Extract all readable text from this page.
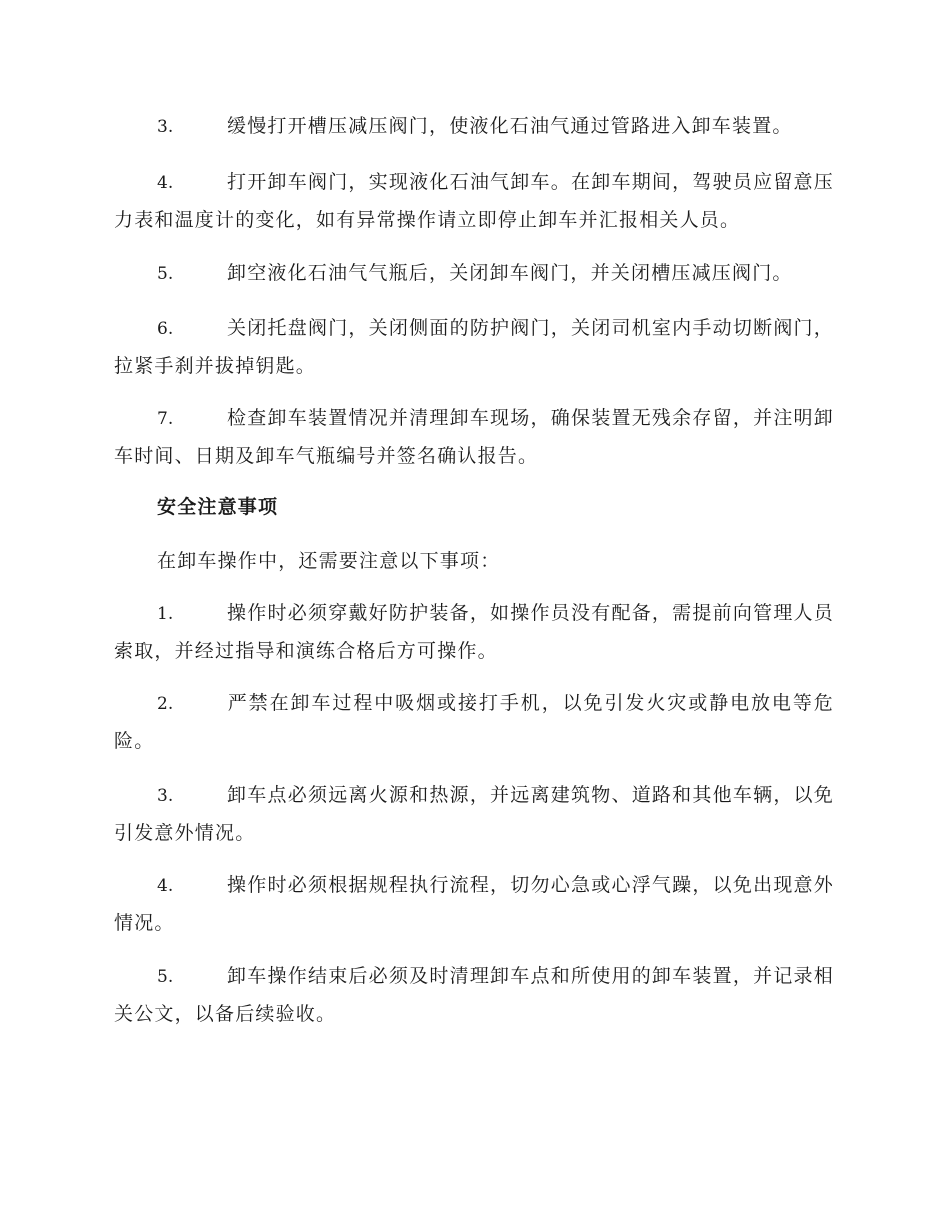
3.	缓慢打开槽压减压阀门，使液化石油气通过管路进入卸车装置。

4.	打开卸车阀门，实现液化石油气卸车。在卸车期间，驾驶员应留意压力表和温度计的变化，如有异常操作请立即停止卸车并汇报相关人员。

5.	卸空液化石油气气瓶后，关闭卸车阀门，并关闭槽压减压阀门。

6.	关闭托盘阀门，关闭侧面的防护阀门，关闭司机室内手动切断阀门，拉紧手刹并拔掉钥匙。

7.	检查卸车装置情况并清理卸车现场，确保装置无残余存留，并注明卸车时间、日期及卸车气瓶编号并签名确认报告。

安全注意事项

在卸车操作中，还需要注意以下事项：

1.	操作时必须穿戴好防护装备，如操作员没有配备，需提前向管理人员索取，并经过指导和演练合格后方可操作。

2.	严禁在卸车过程中吸烟或接打手机，以免引发火灾或静电放电等危险。

3.	卸车点必须远离火源和热源，并远离建筑物、道路和其他车辆，以免引发意外情况。

4.	操作时必须根据规程执行流程，切勿心急或心浮气躁，以免出现意外情况。

5.	卸车操作结束后必须及时清理卸车点和所使用的卸车装置，并记录相关公文，以备后续验收。
